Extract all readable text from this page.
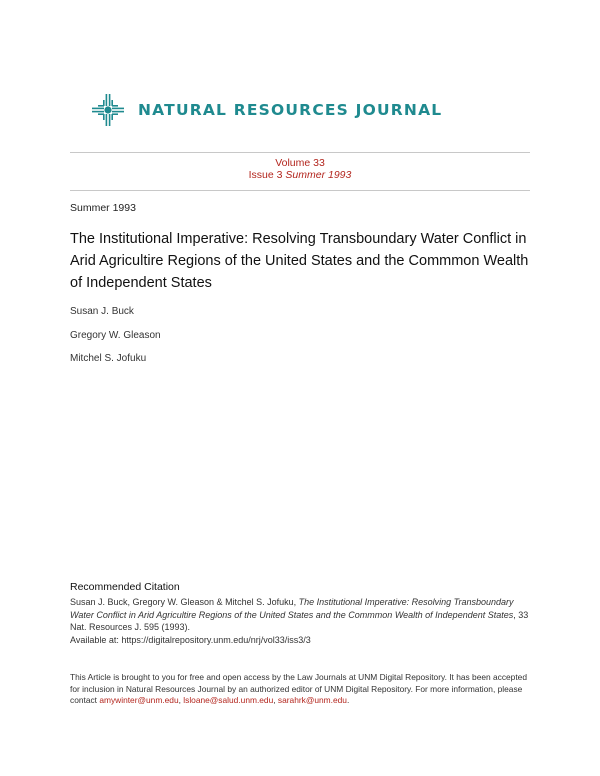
NATURAL RESOURCES JOURNAL
Volume 33
Issue 3 Summer 1993
Summer 1993
The Institutional Imperative: Resolving Transboundary Water Conflict in Arid Agricultire Regions of the United States and the Commmon Wealth of Independent States
Susan J. Buck
Gregory W. Gleason
Mitchel S. Jofuku
Recommended Citation
Susan J. Buck, Gregory W. Gleason & Mitchel S. Jofuku, The Institutional Imperative: Resolving Transboundary Water Conflict in Arid Agricultire Regions of the United States and the Commmon Wealth of Independent States, 33 Nat. Resources J. 595 (1993).
Available at: https://digitalrepository.unm.edu/nrj/vol33/iss3/3
This Article is brought to you for free and open access by the Law Journals at UNM Digital Repository. It has been accepted for inclusion in Natural Resources Journal by an authorized editor of UNM Digital Repository. For more information, please contact amywinter@unm.edu, lsloane@salud.unm.edu, sarahrk@unm.edu.
